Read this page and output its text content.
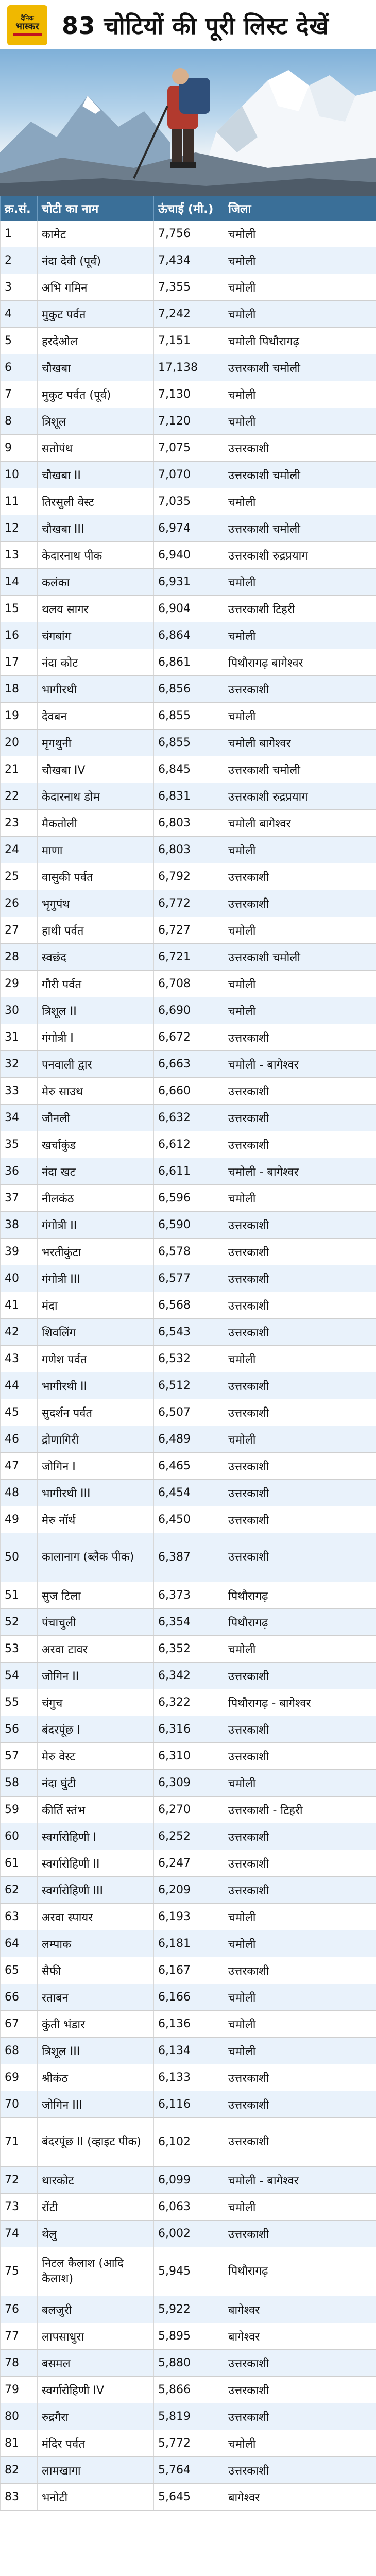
दैनिक
भास्कर 83 चोटियों की पूरी लिस्ट देखें
क्र.सं.	चोटी का नाम	ऊंचाई (मी.)	जिला
1	कामेट	7,756	चमोली
2	नंदा देवी (पूर्व)	7,434	चमोली
3	अभि गमिन	7,355	चमोली
4	मुकुट पर्वत	7,242	चमोली
5	हरदेओल	7,151	चमोली पिथौरागढ़
6	चौखबा	17,138	उत्तरकाशी चमोली
7	मुकुट पर्वत (पूर्व)	7,130	चमोली
8	त्रिशूल	7,120	चमोली
9	सतोपंथ	7,075	उत्तरकाशी
10	चौखबा II	7,070	उत्तरकाशी चमोली
11	तिरसुली वेस्ट	7,035	चमोली
12	चौखबा III	6,974	उत्तरकाशी चमोली
13	केदारनाथ पीक	6,940	उत्तरकाशी रुद्रप्रयाग
14	कलंका	6,931	चमोली
15	थलय सागर	6,904	उत्तरकाशी टिहरी
16	चंगबांग	6,864	चमोली
17	नंदा कोट	6,861	पिथौरागढ़ बागेश्वर
18	भागीरथी	6,856	उत्तरकाशी
19	देवबन	6,855	चमोली
20	मृगथुनी	6,855	चमोली बागेश्वर
21	चौखबा IV	6,845	उत्तरकाशी चमोली
22	केदारनाथ डोम	6,831	उत्तरकाशी रुद्रप्रयाग
23	मैकतोली	6,803	चमोली बागेश्वर
24	माणा	6,803	चमोली
25	वासुकी पर्वत	6,792	उत्तरकाशी
26	भृगुपंथ	6,772	उत्तरकाशी
27	हाथी पर्वत	6,727	चमोली
28	स्वछंद	6,721	उत्तरकाशी चमोली
29	गौरी पर्वत	6,708	चमोली
30	त्रिशूल II	6,690	चमोली
31	गंगोत्री I	6,672	उत्तरकाशी
32	पनवाली द्वार	6,663	चमोली - बागेश्वर
33	मेरु साउथ	6,660	उत्तरकाशी
34	जौनली	6,632	उत्तरकाशी
35	खर्चाकुंड	6,612	उत्तरकाशी
36	नंदा खट	6,611	चमोली - बागेश्वर
37	नीलकंठ	6,596	चमोली
38	गंगोत्री II	6,590	उत्तरकाशी
39	भरतीकुंटा	6,578	उत्तरकाशी
40	गंगोत्री III	6,577	उत्तरकाशी
41	मंदा	6,568	उत्तरकाशी
42	शिवलिंग	6,543	उत्तरकाशी
43	गणेश पर्वत	6,532	चमोली
44	भागीरथी II	6,512	उत्तरकाशी
45	सुदर्शन पर्वत	6,507	उत्तरकाशी
46	द्रोणागिरी	6,489	चमोली
47	जोगिन I	6,465	उत्तरकाशी
48	भागीरथी III	6,454	उत्तरकाशी
49	मेरु नॉर्थ	6,450	उत्तरकाशी
50	कालानाग (ब्लैक पीक)	6,387	उत्तरकाशी
51	सुज टिला	6,373	पिथौरागढ़
52	पंचाचुली	6,354	पिथौरागढ़
53	अरवा टावर	6,352	चमोली
54	जोगिन II	6,342	उत्तरकाशी
55	चंगुच	6,322	पिथौरागढ़ - बागेश्वर
56	बंदरपूंछ I	6,316	उत्तरकाशी
57	मेरु वेस्ट	6,310	उत्तरकाशी
58	नंदा घुंटी	6,309	चमोली
59	कीर्ति स्तंभ	6,270	उत्तरकाशी - टिहरी
60	स्वर्गारोहिणी I	6,252	उत्तरकाशी
61	स्वर्गारोहिणी II	6,247	उत्तरकाशी
62	स्वर्गारोहिणी III	6,209	उत्तरकाशी
63	अरवा स्पायर	6,193	चमोली
64	लम्पाक	6,181	चमोली
65	सैफी	6,167	उत्तरकाशी
66	रताबन	6,166	चमोली
67	कुंती भंडार	6,136	चमोली
68	त्रिशूल III	6,134	चमोली
69	श्रीकंठ	6,133	उत्तरकाशी
70	जोगिन III	6,116	उत्तरकाशी
71	बंदरपूंछ II (व्हाइट पीक)	6,102	उत्तरकाशी
72	थारकोट	6,099	चमोली - बागेश्वर
73	रोंटी	6,063	चमोली
74	थेलु	6,002	उत्तरकाशी
75	निटल कैलाश (आदि कैलाश)	5,945	पिथौरागढ़
76	बलजुरी	5,922	बागेश्वर
77	लापसाधुरा	5,895	बागेश्वर
78	बसमल	5,880	उत्तरकाशी
79	स्वर्गारोहिणी IV	5,866	उत्तरकाशी
80	रुद्रगैरा	5,819	उत्तरकाशी
81	मंदिर पर्वत	5,772	चमोली
82	लामखागा	5,764	उत्तरकाशी
83	भनोटी	5,645	बागेश्वर
